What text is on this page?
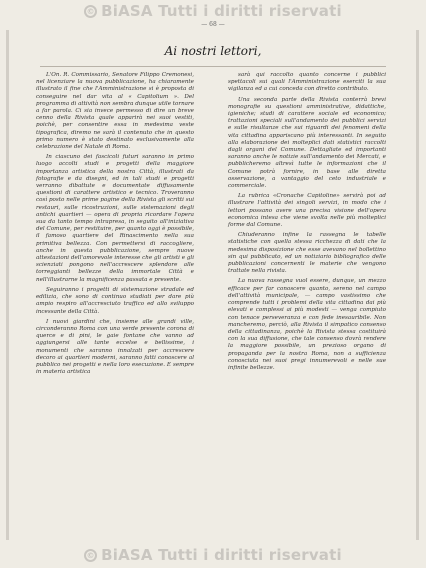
© BiASA Tutti i diritti riservati
— 68 —
Ai nostri lettori,

L'On. R. Commissario, Senatore Filippo Cremonesi, nel licenziare la nuova pubblicazione, ha chiaramente illustrato il fine che l'Amministrazione si è proposta di conseguire nel dar vita al « Capitolium ». Del programma di attività non sembra dunque utile tornare a far parola. Ci sia invece permesso di dire un breve cenno della Rivista quale apparirà nei suoi vestiti, poichè, per consentire essa in medesima veste tipografica, diremo ne sarà il contenuto che in questo primo numero è stato destinato esclusivamente alla celebrazione del Natale di Roma.

In ciascuno dei fascicoli futuri saranno in primo luogo accolti studi e progetti della maggiore importanza artistica della nostra Città, illustrati da fotografie e da disegni, ed in tali studi e progetti verranno dibattute e documentate diffusamente questioni di carattere artistico e tecnico. Troveranno così posto nelle prime pagine della Rivista gli scritti sui restauri, sulle ricostruzioni, sulle sistemazioni degli antichi quartieri — opera di propria ricordare l'opera sua da tanto tempo intrapresa, in seguito all'iniziativa del Comune, per restituire, per quanto oggi è possibile, il famoso quartiere del Rinascimento nella sua primitiva bellezza. Con permettersi di raccogliere, anche in questa pubblicazione, sempre nuove attestazioni dell'amorevole interesse che gli artisti e gli scienziati pongono nell'accrescere splendore alle torreggianti bellezze della immortale Città e nell'illustrarne la magnificenza passata e presente.

Seguiranno i progetti di sistemazione stradale ed edilizia, che sono di continuo studiati per dare più ampio respiro all'accresciuto traffico ed allo sviluppo incessante della Città.

I nuovi giardini che, insieme alle grandi ville, circonderanno Roma con una verde presente corona di querce e di pini, le gaie fontane che vanno ad aggiungersi alle tante eccelse e bellissime, i monumenti che saranno innalzati per accrescere decoro ai quartieri moderni, saranno fatti conoscere al pubblico nei progetti e nella loro esecuzione. E sempre in materia artistica

sarà qui raccolto quanto concerne i pubblici spettacoli sui quali l'Amministrazione eserciti la sua vigilanza ed a cui conceda con diretto contributo.

Una seconda parte della Rivista conterrà brevi monografie su questioni amministrative, didattiche, igieniche; studi di carattere sociale ed economico; trattazioni speciali sull'andamento dei pubblici servizi e sulle risultanze che sui riguardi dei fenomeni della vita cittadina appariscano più interessanti. In seguito alla elaborazione dei molteplici dati statistici raccolti dagli organi del Comune. Dettagliate ed importanti saranno anche le notizie sull'andamento dei Mercati, e pubblicheremo altresì tutte le informazioni che il Comune potrà fornire, in base alle diretta osservazione, a vantaggio del ceto industriale e commerciale.

La rubrica «Cronache Capitoline» servirà poi ad illustrare l'attività dei singoli servizi, in modo che i lettori possano avere una precisa visione dell'opera economica intesa che viene svolta nelle più molteplici forme dal Comune.

Chiuderanno infine la rassegna le tabelle statistiche con quella stessa ricchezza di dati che la medesima disposizione che esse avevano nel bollettino sin qui pubblicato, ed un notiziario bibliografico delle pubblicazioni concernenti le materie che vengono trattate nella rivista.

La nuova rassegna vuol essere, dunque, un mezzo efficace per far conoscere quanto, sereno nel campo dell'attività municipale, — campo vastissimo che comprende tutti i problemi della vita cittadina dai più elevati e complessi ai più modesti — venga compiuto con tenace perseveranza e con fede inesauribile. Non mancheremo, perciò, alla Rivista il simpatico consenso della cittadinanza, poichè la Rivista stessa costituirà con la sua diffusione, che tale consenso dovrà rendere la maggiore possibile, un prezioso organo di propaganda per la nostra Roma, non a sufficienza conosciuta nei suoi pregi innumerevoli e nelle sue infinite bellezze.

© BiASA Tutti i diritti riservati
